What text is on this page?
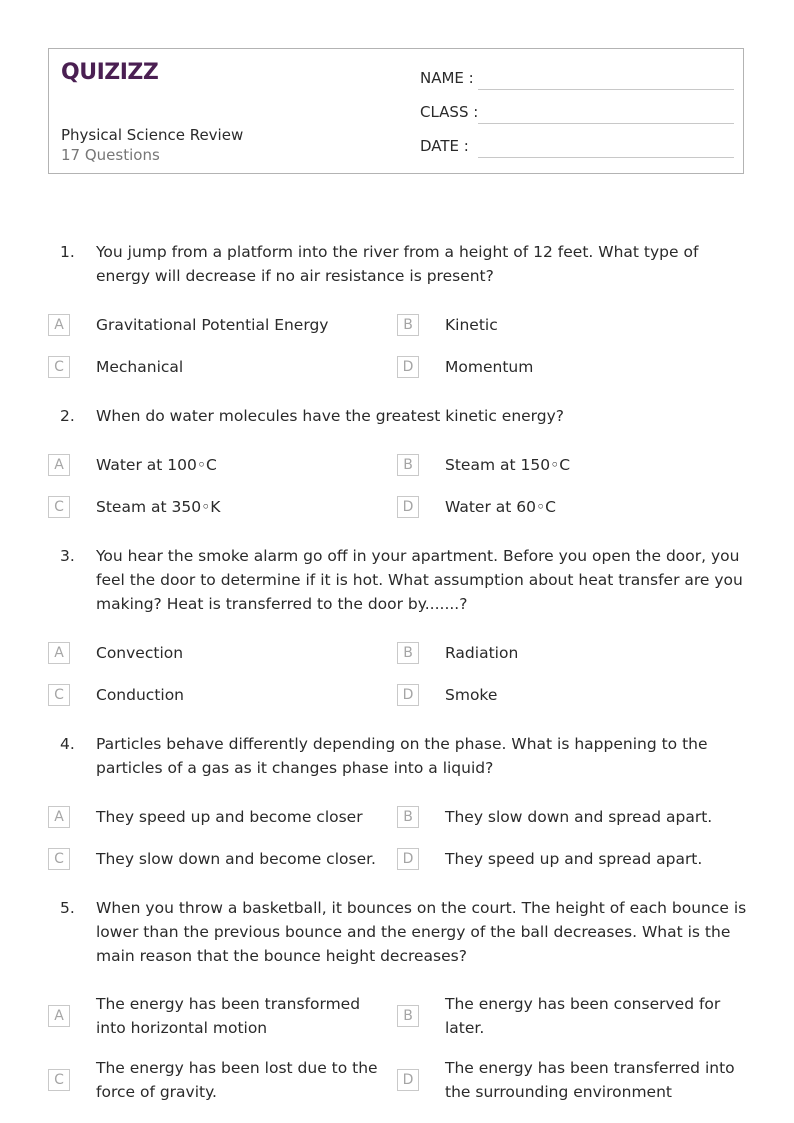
QUIZIZZ
Physical Science Review
17 Questions
NAME :
CLASS :
DATE :
1. You jump from a platform into the river from a height of 12 feet. What type of energy will decrease if no air resistance is present?
A	Gravitational Potential Energy	B	Kinetic
C	Mechanical	D	Momentum
2. When do water molecules have the greatest kinetic energy?
A	Water at 100◦C	B	Steam at 150◦C
C	Steam at 350◦K	D	Water at 60◦C
3. You hear the smoke alarm go off in your apartment. Before you open the door, you feel the door to determine if it is hot. What assumption about heat transfer are you making? Heat is transferred to the door by.......?
A	Convection	B	Radiation
C	Conduction	D	Smoke
4. Particles behave differently depending on the phase. What is happening to the particles of a gas as it changes phase into a liquid?
A	They speed up and become closer	B	They slow down and spread apart.
C	They slow down and become closer.	D	They speed up and spread apart.
5. When you throw a basketball, it bounces on the court. The height of each bounce is lower than the previous bounce and the energy of the ball decreases. What is the main reason that the bounce height decreases?
A
The energy has been transformed into horizontal motion
B
The energy has been conserved for later.
C
The energy has been lost due to the force of gravity.
D
The energy has been transferred into the surrounding environment
